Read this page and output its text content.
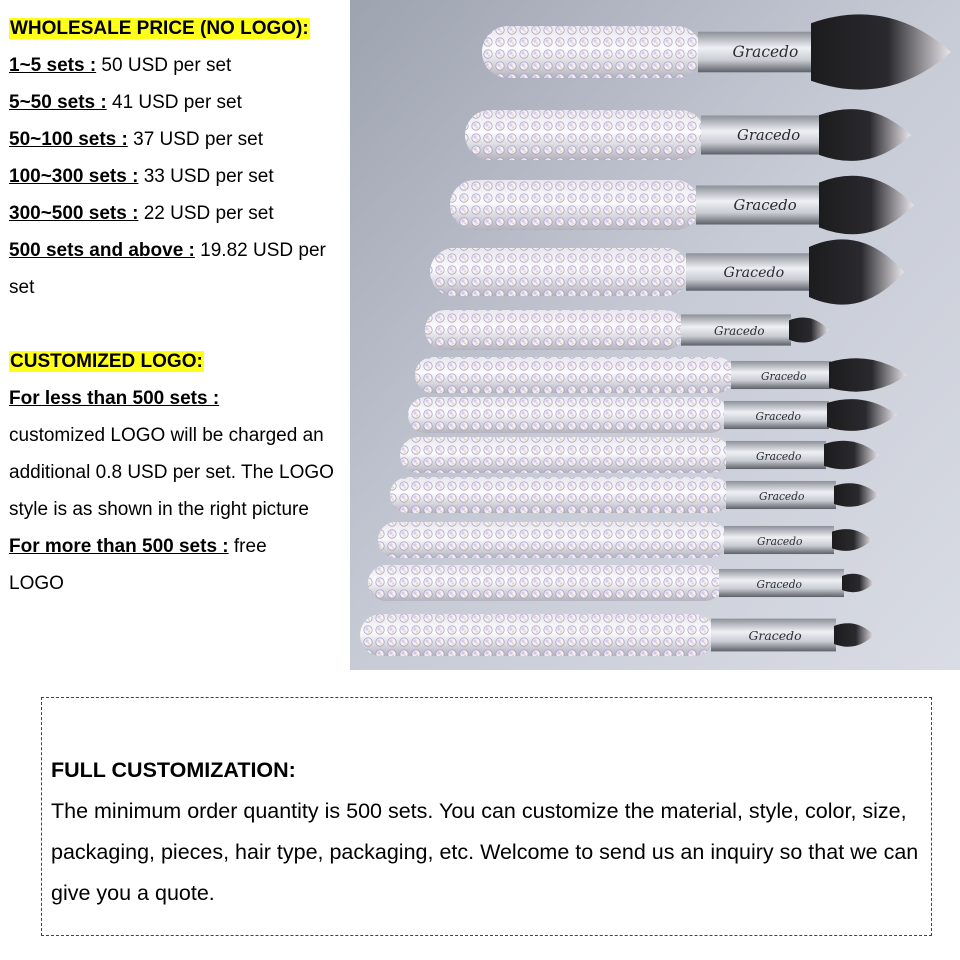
WHOLESALE PRICE (NO LOGO):
1~5 sets : 50 USD per set
5~50 sets : 41 USD per set
50~100 sets : 37 USD per set
100~300 sets : 33 USD per set
300~500 sets : 22 USD per set
500 sets and above : 19.82 USD per set
CUSTOMIZED LOGO:
For less than 500 sets :
customized LOGO will be charged an additional 0.8 USD per set. The LOGO style is as shown in the right picture
For more than 500 sets : free LOGO
Gracedo
Gracedo
Gracedo
Gracedo
Gracedo
Gracedo
Gracedo
Gracedo
Gracedo
Gracedo
Gracedo
Gracedo
FULL CUSTOMIZATION:
The minimum order quantity is 500 sets. You can customize the material, style, color, size, packaging, pieces, hair type, packaging, etc. Welcome to send us an inquiry so that we can give you a quote.
